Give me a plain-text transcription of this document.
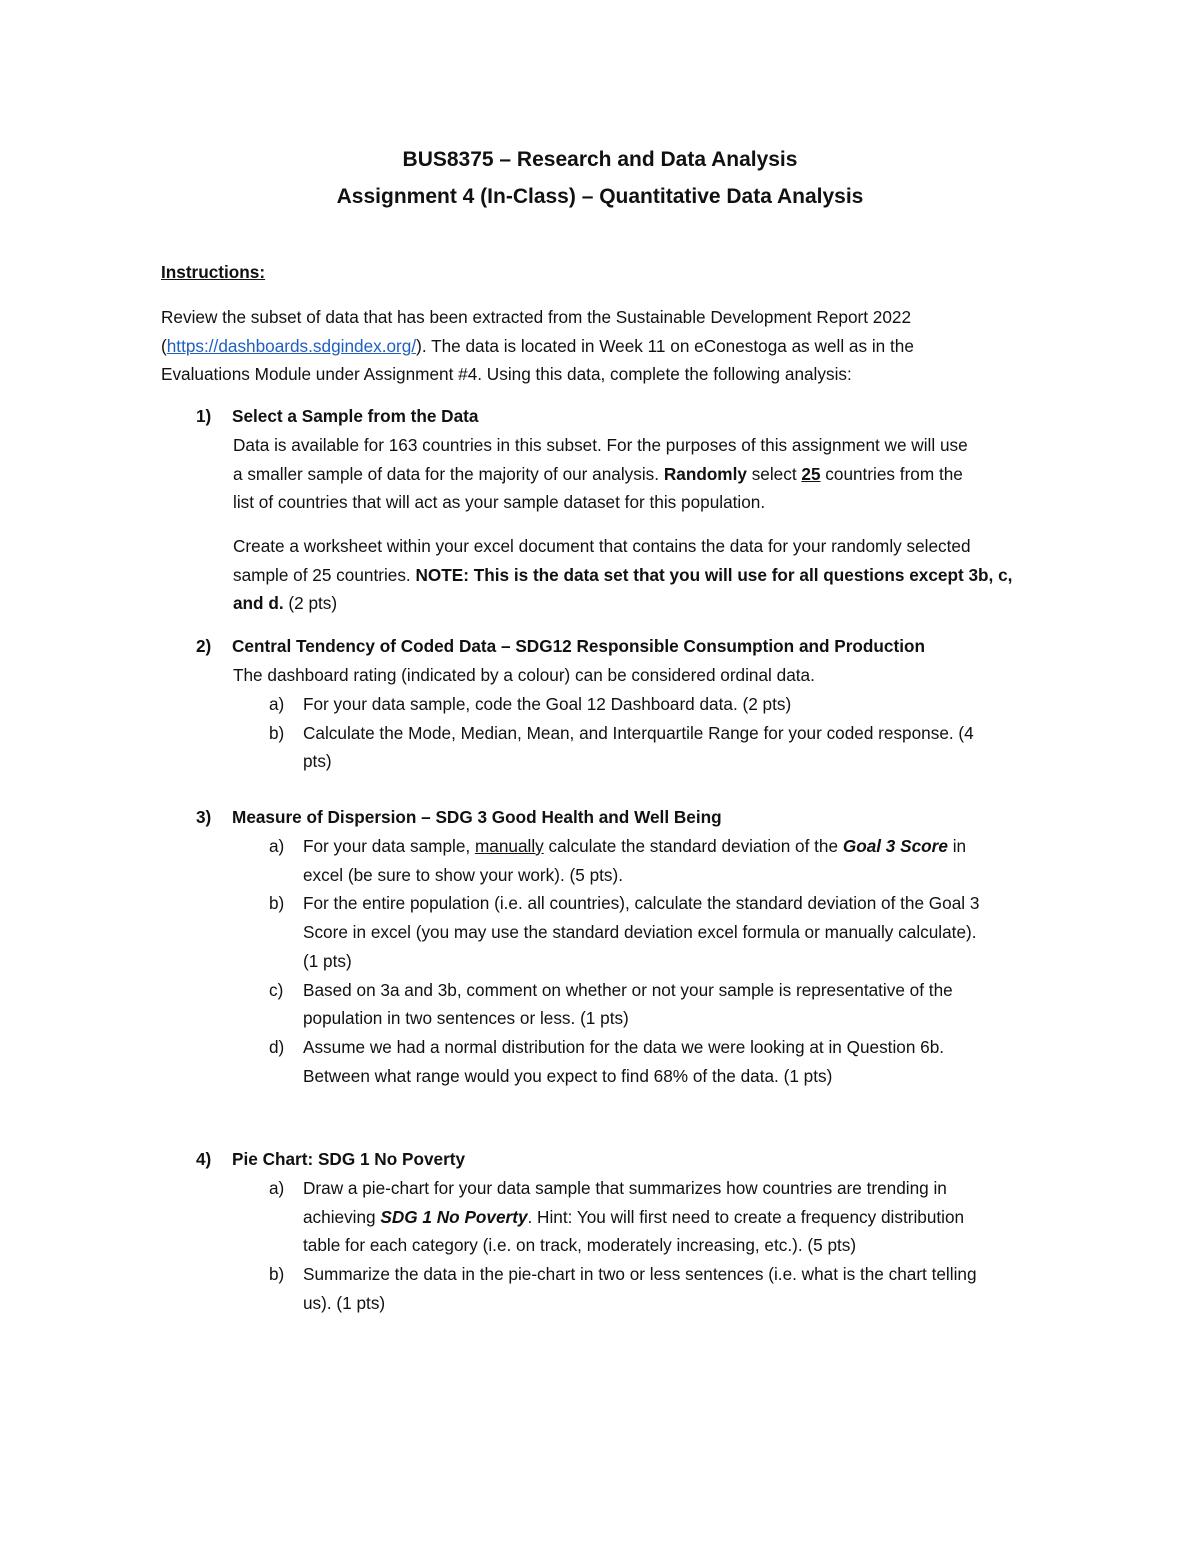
BUS8375 – Research and Data Analysis
Assignment 4 (In-Class) – Quantitative Data Analysis
Instructions:

Review the subset of data that has been extracted from the Sustainable Development Report 2022

(https://dashboards.sdgindex.org/). The data is located in Week 11 on eConestoga as well as in the

Evaluations Module under Assignment #4. Using this data, complete the following analysis:

1) Select a Sample from the Data

Data is available for 163 countries in this subset. For the purposes of this assignment we will use

a smaller sample of data for the majority of our analysis. Randomly select 25 countries from the

list of countries that will act as your sample dataset for this population.

Create a worksheet within your excel document that contains the data for your randomly selected

sample of 25 countries. NOTE: This is the data set that you will use for all questions except 3b, c,

and d. (2 pts)

2) Central Tendency of Coded Data – SDG12 Responsible Consumption and Production

The dashboard rating (indicated by a colour) can be considered ordinal data.

a) For your data sample, code the Goal 12 Dashboard data. (2 pts)

b) Calculate the Mode, Median, Mean, and Interquartile Range for your coded response. (4

pts)

3) Measure of Dispersion – SDG 3 Good Health and Well Being
a) For your data sample, manually calculate the standard deviation of the Goal 3 Score in

excel (be sure to show your work). (5 pts).

b) For the entire population (i.e. all countries), calculate the standard deviation of the Goal 3

Score in excel (you may use the standard deviation excel formula or manually calculate).

(1 pts)

c) Based on 3a and 3b, comment on whether or not your sample is representative of the

population in two sentences or less. (1 pts)

d) Assume we had a normal distribution for the data we were looking at in Question 6b.

Between what range would you expect to find 68% of the data. (1 pts)

4) Pie Chart: SDG 1 No Poverty
a) Draw a pie-chart for your data sample that summarizes how countries are trending in

achieving SDG 1 No Poverty. Hint: You will first need to create a frequency distribution

table for each category (i.e. on track, moderately increasing, etc.). (5 pts)

b) Summarize the data in the pie-chart in two or less sentences (i.e. what is the chart telling

us). (1 pts)
